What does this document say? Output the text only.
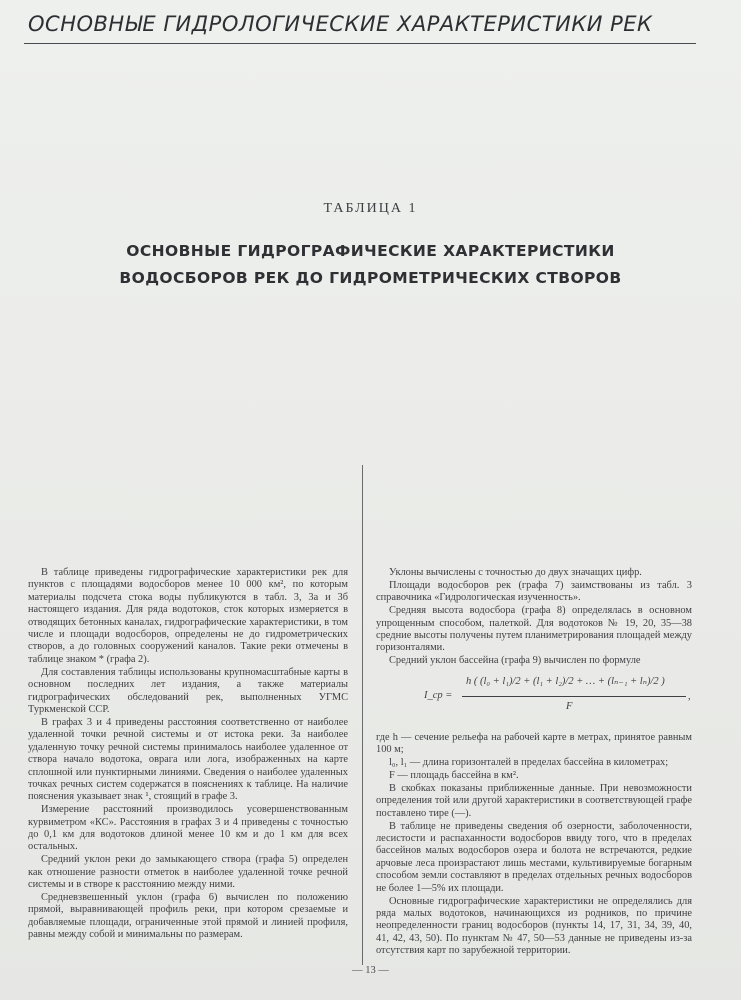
ОСНОВНЫЕ ГИДРОЛОГИЧЕСКИЕ ХАРАКТЕРИСТИКИ РЕК
ТАБЛИЦА 1
ОСНОВНЫЕ ГИДРОГРАФИЧЕСКИЕ ХАРАКТЕРИСТИКИ
ВОДОСБОРОВ РЕК ДО ГИДРОМЕТРИЧЕСКИХ СТВОРОВ

В таблице приведены гидрографические характеристики рек для пунктов с площадями водосборов менее 10 000 км², по которым материалы подсчета стока воды публикуются в табл. 3, 3а и 3б настоящего издания. Для ряда водотоков, сток которых измеряется в отводящих бетонных каналах, гидрографические характеристики, в том числе и площади водосборов, определены не до гидрометрических створов, а до головных сооружений каналов. Такие реки отмечены в таблице знаком * (графа 2).

Для составления таблицы использованы крупномасштабные карты в основном последних лет издания, а также материалы гидрографических обследований рек, выполненных УГМС Туркменской ССР.

В графах 3 и 4 приведены расстояния соответственно от наиболее удаленной точки речной системы и от истока реки. За наиболее удаленную точку речной системы принималось наиболее удаленное от створа начало водотока, оврага или лога, изображенных на карте сплошной или пунктирными линиями. Сведения о наиболее удаленных точках речных систем содержатся в пояснениях к таблице. На наличие пояснения указывает знак ¹, стоящий в графе 3.

Измерение расстояний производилось усовершенствованным курвиметром «КС». Расстояния в графах 3 и 4 приведены с точностью до 0,1 км для водотоков длиной менее 10 км и до 1 км для всех остальных.

Средний уклон реки до замыкающего створа (графа 5) определен как отношение разности отметок в наиболее удаленной точке речной системы и в створе к расстоянию между ними.

Средневзвешенный уклон (графа 6) вычислен по положению прямой, выравнивающей профиль реки, при котором срезаемые и добавляемые площади, ограниченные этой прямой и линией профиля, равны между собой и минимальны по размерам.

Уклоны вычислены с точностью до двух значащих цифр.

Площади водосборов рек (графа 7) заимствованы из табл. 3 справочника «Гидрологическая изученность».

Средняя высота водосбора (графа 8) определялась в основном упрощенным способом, палеткой. Для водотоков № 19, 20, 35—38 средние высоты получены путем планиметрирования площадей между горизонталями.

Средний уклон бассейна (графа 9) вычислен по формуле

I_ср =
h ( (l₀ + l₁)/2 + (l₁ + l₂)/2 + … + (lₙ₋₁ + lₙ)/2 )
F
,

где h — сечение рельефа на рабочей карте в метрах, принятое равным 100 м;

l₀, l₁ — длина горизонталей в пределах бассейна в километрах;

F — площадь бассейна в км².

В скобках показаны приближенные данные. При невозможности определения той или другой характеристики в соответствующей графе поставлено тире (—).

В таблице не приведены сведения об озерности, заболоченности, лесистости и распаханности водосборов ввиду того, что в пределах бассейнов малых водосборов озера и болота не встречаются, редкие арчовые леса произрастают лишь местами, культивируемые богарным способом земли составляют в пределах отдельных речных водосборов не более 1—5% их площади.

Основные гидрографические характеристики не определялись для ряда малых водотоков, начинающихся из родников, по причине неопределенности границ водосборов (пункты 14, 17, 31, 34, 39, 40, 41, 42, 43, 50). По пунктам № 47, 50—53 данные не приведены из-за отсутствия карт по зарубежной территории.

— 13 —
